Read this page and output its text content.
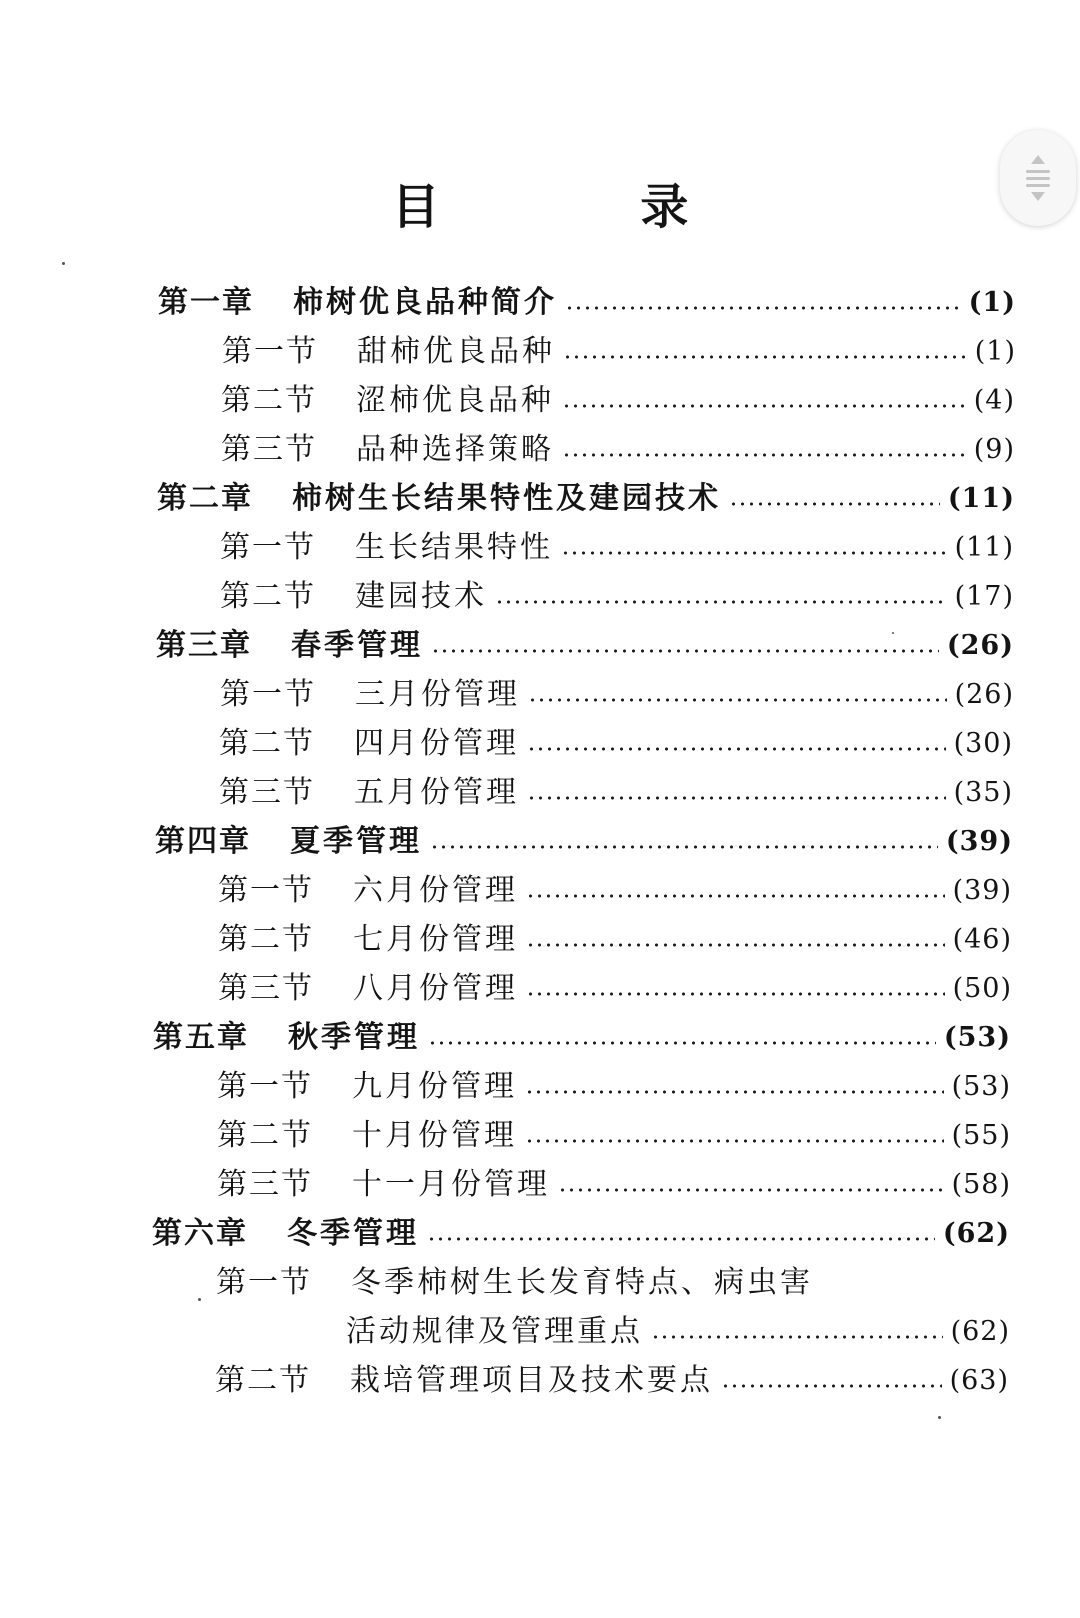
目 录
第一章	柿树优良品种简介	(1)
第一节	甜柿优良品种	(1)
第二节	涩柿优良品种	(4)
第三节	品种选择策略	(9)
第二章	柿树生长结果特性及建园技术	(11)
第一节	生长结果特性	(11)
第二节	建园技术	(17)
第三章	春季管理	(26)
第一节	三月份管理	(26)
第二节	四月份管理	(30)
第三节	五月份管理	(35)
第四章	夏季管理	(39)
第一节	六月份管理	(39)
第二节	七月份管理	(46)
第三节	八月份管理	(50)
第五章	秋季管理	(53)
第一节	九月份管理	(53)
第二节	十月份管理	(55)
第三节	十一月份管理	(58)
第六章	冬季管理	(62)
第一节	冬季柿树生长发育特点、病虫害
活动规律及管理重点	(62)
第二节	栽培管理项目及技术要点	(63)
